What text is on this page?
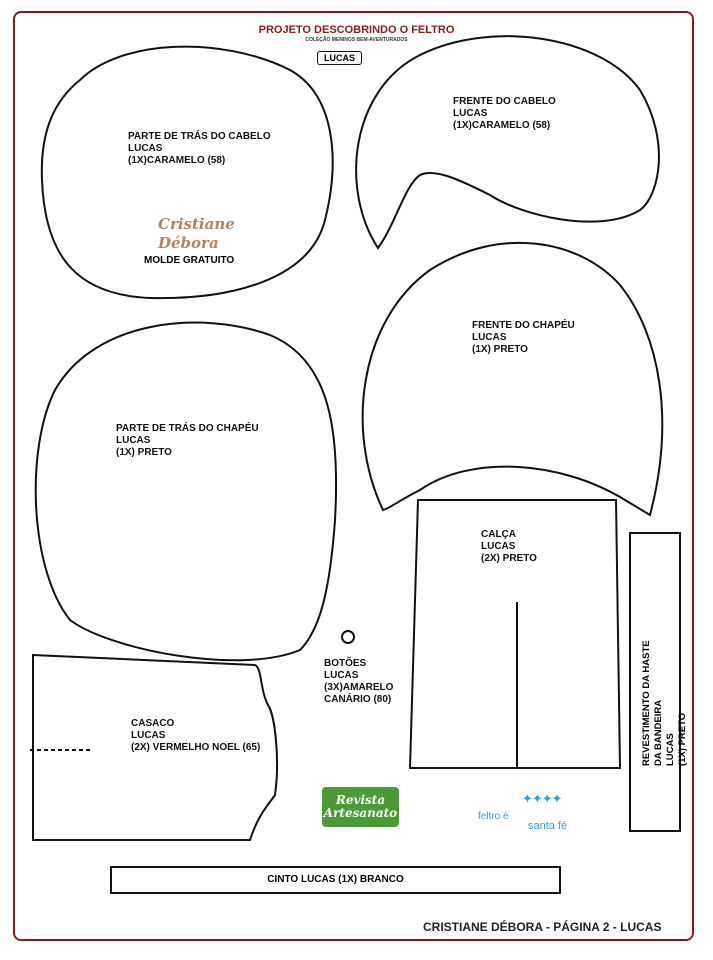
PROJETO DESCOBRINDO O FELTRO
COLEÇÃO MENINOS BEM-AVENTURADOS
LUCAS
PARTE DE TRÁS DO CABELO
LUCAS
(1X)CARAMELO (58)
FRENTE DO CABELO
LUCAS
(1X)CARAMELO (58)
FRENTE DO CHAPÉU
LUCAS
(1X) PRETO
PARTE DE TRÁS DO CHAPÉU
LUCAS
(1X) PRETO
CALÇA
LUCAS
(2X) PRETO
BOTÕES
LUCAS
(3X)AMARELO
CANÁRIO (80)
CASACO
LUCAS
(2X) VERMELHO NOEL (65)
Cristiane
Débora
MOLDE GRATUITO
REVESTIMENTO DA HASTE DA BANDEIRA
LUCAS
(1X) PRETO
Revista
Artesanato	feltro é
✦✦✦✦
santa fé
CINTO LUCAS (1X) BRANCO
CRISTIANE DÉBORA - PÁGINA 2 - LUCAS
